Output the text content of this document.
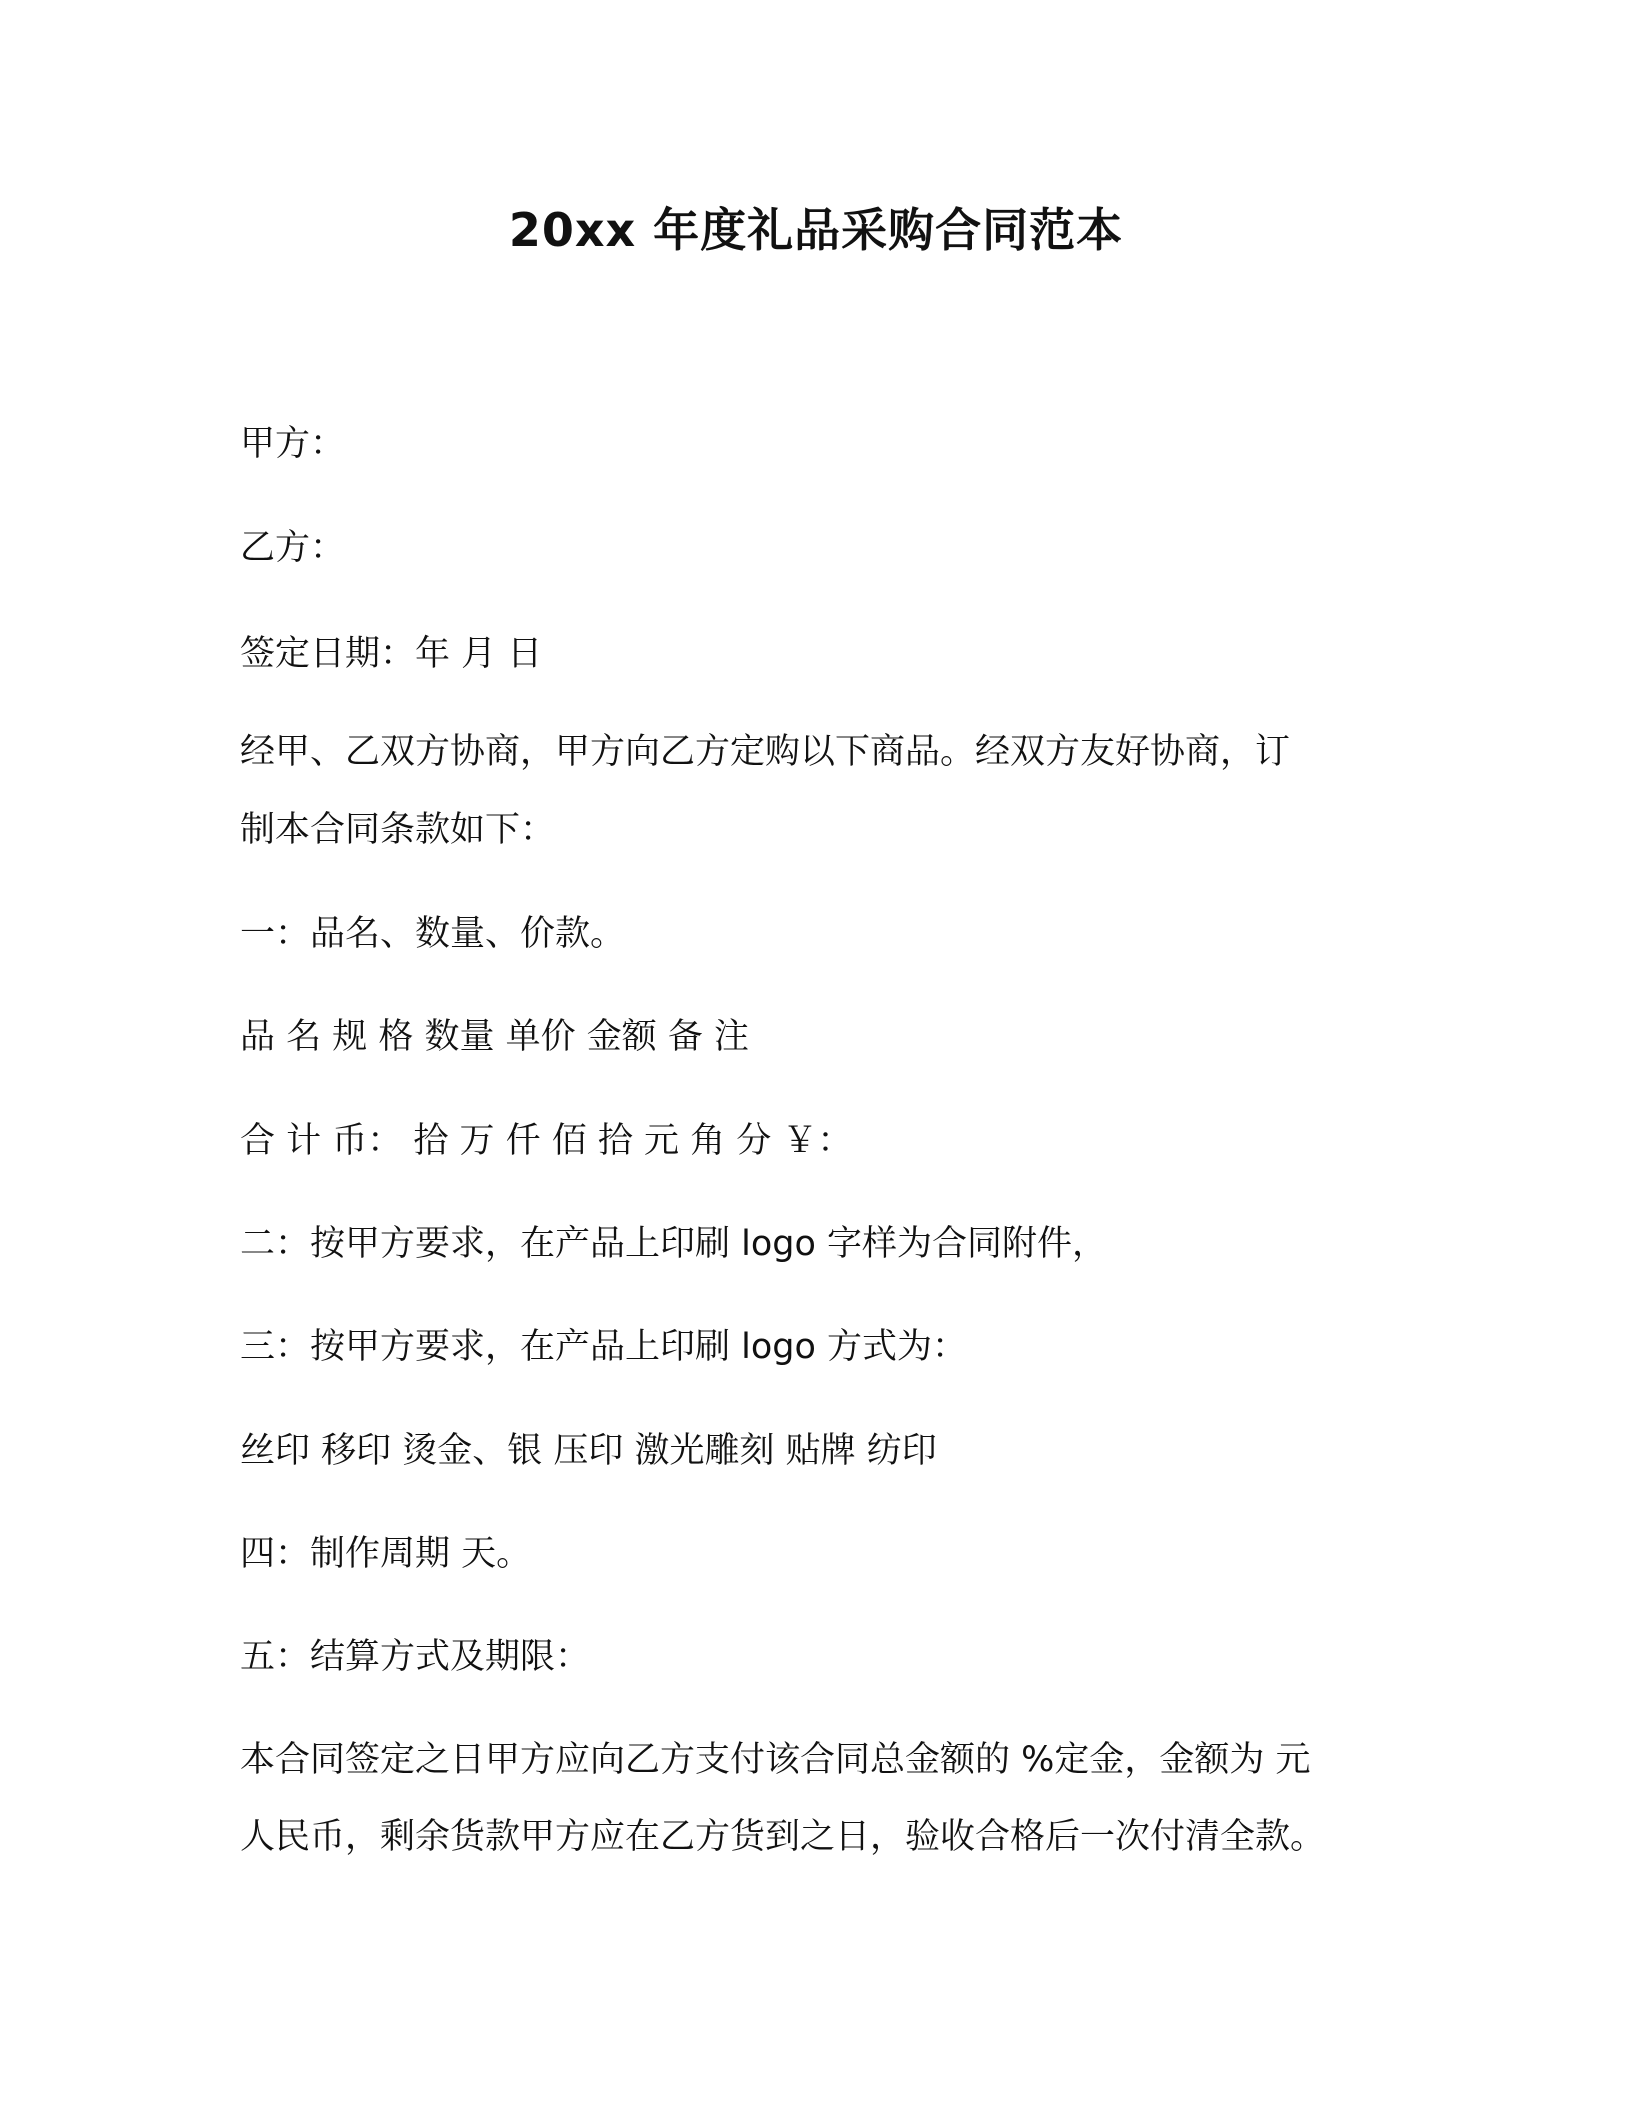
20xx 年度礼品采购合同范本
甲方：
乙方：
签定日期：年 月 日
经甲、乙双方协商，甲方向乙方定购以下商品。经双方友好协商，订
制本合同条款如下：
一：品名、数量、价款。
品 名 规 格 数量 单价 金额 备 注
合 计 币： 拾 万 仟 佰 拾 元 角 分 ￥：
二：按甲方要求，在产品上印刷 logo 字样为合同附件，
三：按甲方要求，在产品上印刷 logo 方式为：
丝印 移印 烫金、银 压印 激光雕刻 贴牌 纺印
四：制作周期 天。
五：结算方式及期限：
本合同签定之日甲方应向乙方支付该合同总金额的 %定金，金额为 元
人民币，剩余货款甲方应在乙方货到之日，验收合格后一次付清全款。
